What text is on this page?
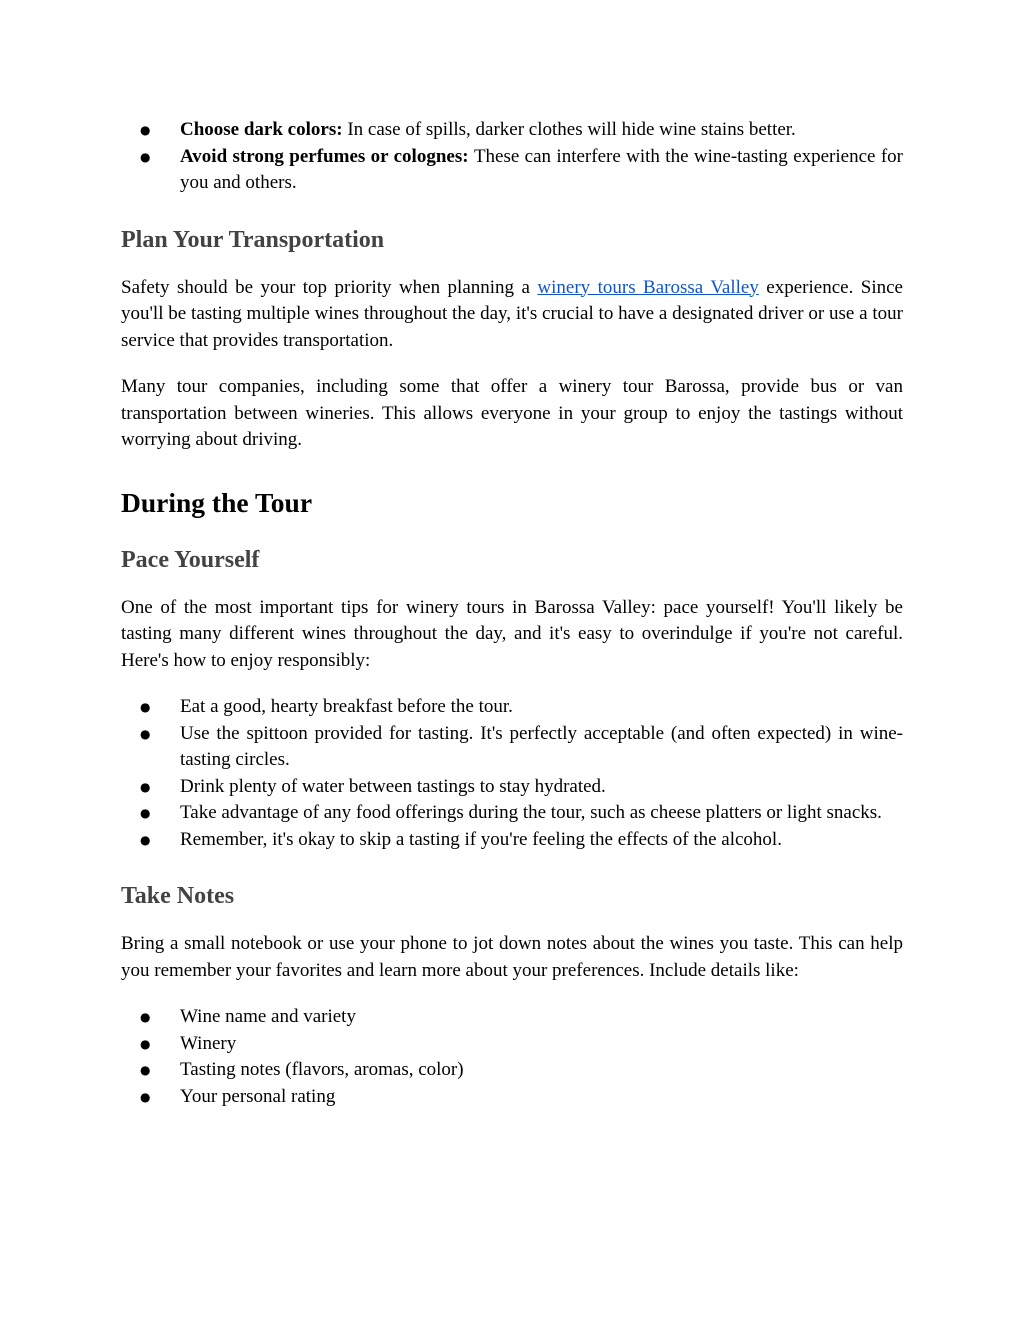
● Choose dark colors: In case of spills, darker clothes will hide wine stains better.
● Avoid strong perfumes or colognes: These can interfere with the wine-tasting experience for you and others.
Plan Your Transportation

Safety should be your top priority when planning a winery tours Barossa Valley experience. Since you'll be tasting multiple wines throughout the day, it's crucial to have a designated driver or use a tour service that provides transportation.

Many tour companies, including some that offer a winery tour Barossa, provide bus or van transportation between wineries. This allows everyone in your group to enjoy the tastings without worrying about driving.

During the Tour
Pace Yourself

One of the most important tips for winery tours in Barossa Valley: pace yourself! You'll likely be tasting many different wines throughout the day, and it's easy to overindulge if you're not careful. Here's how to enjoy responsibly:

● Eat a good, hearty breakfast before the tour.
● Use the spittoon provided for tasting. It's perfectly acceptable (and often expected) in wine-tasting circles.
● Drink plenty of water between tastings to stay hydrated.
● Take advantage of any food offerings during the tour, such as cheese platters or light snacks.
● Remember, it's okay to skip a tasting if you're feeling the effects of the alcohol.
Take Notes

Bring a small notebook or use your phone to jot down notes about the wines you taste. This can help you remember your favorites and learn more about your preferences. Include details like:

● Wine name and variety
● Winery
● Tasting notes (flavors, aromas, color)
● Your personal rating
